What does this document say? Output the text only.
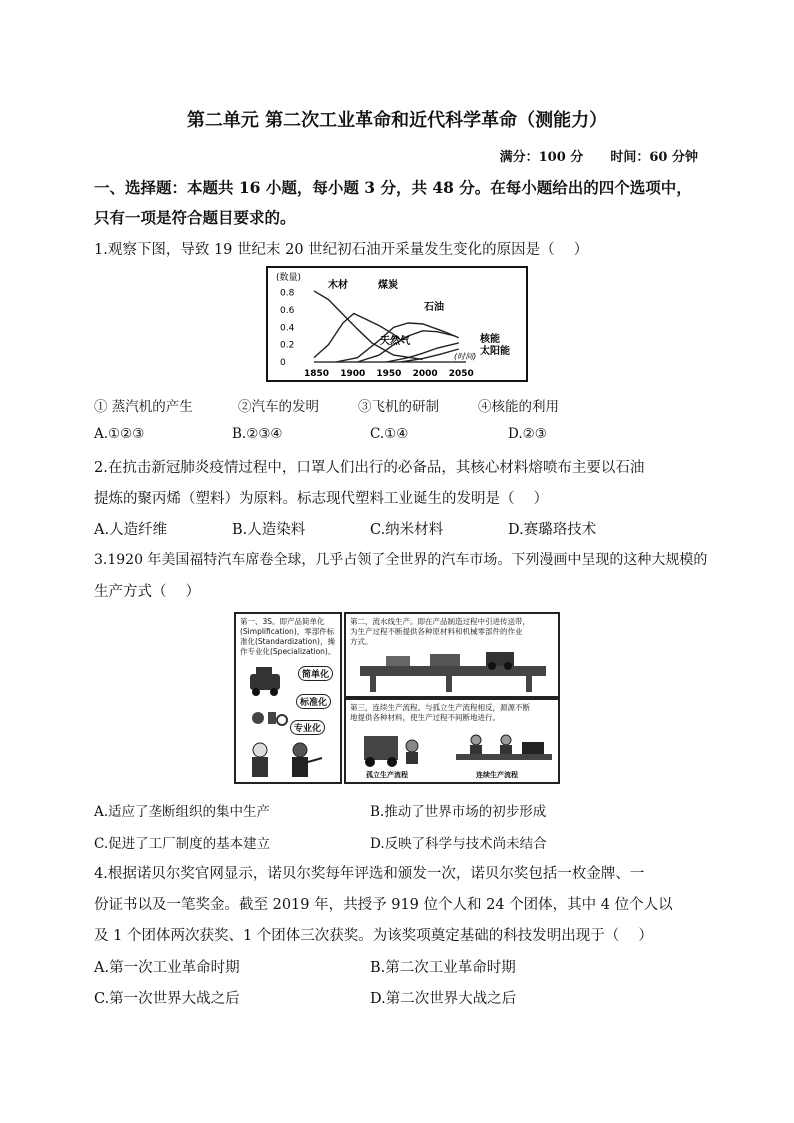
第二单元 第二次工业革命和近代科学革命（测能力）
满分：100 分 时间：60 分钟
一、选择题：本题共 16 小题，每小题 3 分，共 48 分。在每小题给出的四个选项中，
只有一项是符合题目要求的。
1.观察下图，导致 19 世纪末 20 世纪初石油开采量发生变化的原因是（　 ）
(数量)
0.8
0.6
0.4
0.2
0
1850 1900 1950 2000 2050
木材	煤炭
石油
天然气	核能
太阳能
(时间)
① 蒸汽机的产生	②汽车的发明	③飞机的研制	④核能的利用
A.①②③	B.②③④	C.①④	D.②③
2.在抗击新冠肺炎疫情过程中，口罩人们出行的必备品，其核心材料熔喷布主要以石油
提炼的聚丙烯（塑料）为原料。标志现代塑料工业诞生的发明是（　 ）
A.人造纤维	B.人造染料	C.纳米材料	D.赛璐珞技术
3.1920 年美国福特汽车席卷全球，几乎占领了全世界的汽车市场。下列漫画中呈现的这种大规模的
生产方式（　 ）
第一、3S。即产品简单化
(Simplification)，零部件标
准化(Standardization)，操
作专业化(Specialization)。
简单化
标准化
专业化
第二，流水线生产。即在产品制造过程中引进传送带，
为生产过程不断提供各种原材料和机械零部件的作业
方式。
第三，连续生产流程。与孤立生产流程相反，源源不断
地提供各种材料，使生产过程不间断地进行。
孤立生产流程	连续生产流程
A.适应了垄断组织的集中生产	B.推动了世界市场的初步形成
C.促进了工厂制度的基本建立	D.反映了科学与技术尚未结合
4.根据诺贝尔奖官网显示，诺贝尔奖每年评选和颁发一次，诺贝尔奖包括一枚金牌、一
份证书以及一笔奖金。截至 2019 年，共授予 919 位个人和 24 个团体，其中 4 位个人以
及 1 个团体两次获奖、1 个团体三次获奖。为该奖项奠定基础的科技发明出现于（　 ）
A.第一次工业革命时期	B.第二次工业革命时期
C.第一次世界大战之后	D.第二次世界大战之后
